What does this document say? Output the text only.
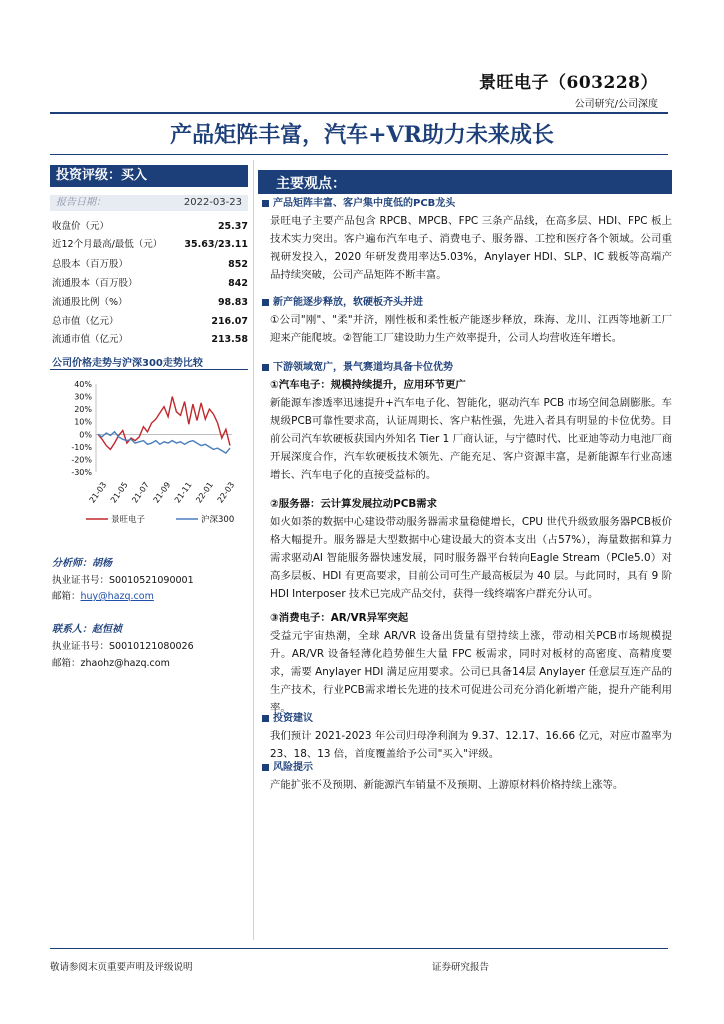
景旺电子（603228）
公司研究/公司深度
产品矩阵丰富，汽车+VR助力未来成长
投资评级：买入
报告日期：	2022-03-23
收盘价（元）	25.37
近12个月最高/最低（元） 35.63/23.11
总股本（百万股）	852
流通股本（百万股）	842
流通股比例（%）	98.83
总市值（亿元）	216.07
流通市值（亿元）	213.58
公司价格走势与沪深300走势比较
40%
30%
20%
10%
0%
-10%
-20%
-30%
21-03 21-05 21-07 21-09 21-11 22-01 22-03
景旺电子	沪深300
分析师：胡杨
执业证书号：S0010521090001
邮箱：huy@hazq.com
联系人：赵恒祯
执业证书号：S0010121080026
邮箱：zhaohz@hazq.com
主要观点：
产品矩阵丰富、客户集中度低的PCB龙头
景旺电子主要产品包含 RPCB、MPCB、FPC 三条产品线，在高多层、HDI、FPC 板上技术实力突出。客户遍布汽车电子、消费电子、服务器、工控和医疗各个领域。公司重视研发投入，2020 年研发费用率达5.03%，Anylayer HDI、SLP、IC 载板等高端产品持续突破，公司产品矩阵不断丰富。
新产能逐步释放，软硬板齐头并进
①公司"刚"、"柔"并济，刚性板和柔性板产能逐步释放，珠海、龙川、江西等地新工厂迎来产能爬坡。②智能工厂建设助力生产效率提升，公司人均营收连年增长。
下游领域宽广，景气赛道均具备卡位优势
①汽车电子：规模持续提升，应用环节更广
新能源车渗透率迅速提升+汽车电子化、智能化，驱动汽车 PCB 市场空间急剧膨胀。车规级PCB可靠性要求高，认证周期长、客户粘性强，先进入者具有明显的卡位优势。目前公司汽车软硬板获国内外知名 Tier 1 厂商认证，与宁德时代、比亚迪等动力电池厂商开展深度合作，汽车软硬板技术领先、产能充足、客户资源丰富，是新能源车行业高速增长、汽车电子化的直接受益标的。
②服务器：云计算发展拉动PCB需求
如火如荼的数据中心建设带动服务器需求量稳健增长，CPU 世代升级致服务器PCB板价格大幅提升。服务器是大型数据中心建设最大的资本支出（占57%），海量数据和算力需求驱动AI 智能服务器快速发展，同时服务器平台转向Eagle Stream（PCIe5.0）对高多层板、HDI 有更高要求，目前公司可生产最高板层为 40 层。与此同时，具有 9 阶 HDI Interposer 技术已完成产品交付，获得一线终端客户群充分认可。
③消费电子：AR/VR异军突起
受益元宇宙热潮，全球 AR/VR 设备出货量有望持续上涨，带动相关PCB市场规模提升。AR/VR 设备轻薄化趋势催生大量 FPC 板需求，同时对板材的高密度、高精度要求，需要 Anylayer HDI 满足应用要求。公司已具备14层 Anylayer 任意层互连产品的生产技术，行业PCB需求增长先进的技术可促进公司充分消化新增产能，提升产能利用率。
投资建议
我们预计 2021-2023 年公司归母净利润为 9.37、12.17、16.66 亿元，对应市盈率为 23、18、13 倍，首度覆盖给予公司"买入"评级。
风险提示
产能扩张不及预期、新能源汽车销量不及预期、上游原材料价格持续上涨等。
敬请参阅末页重要声明及评级说明	证券研究报告
